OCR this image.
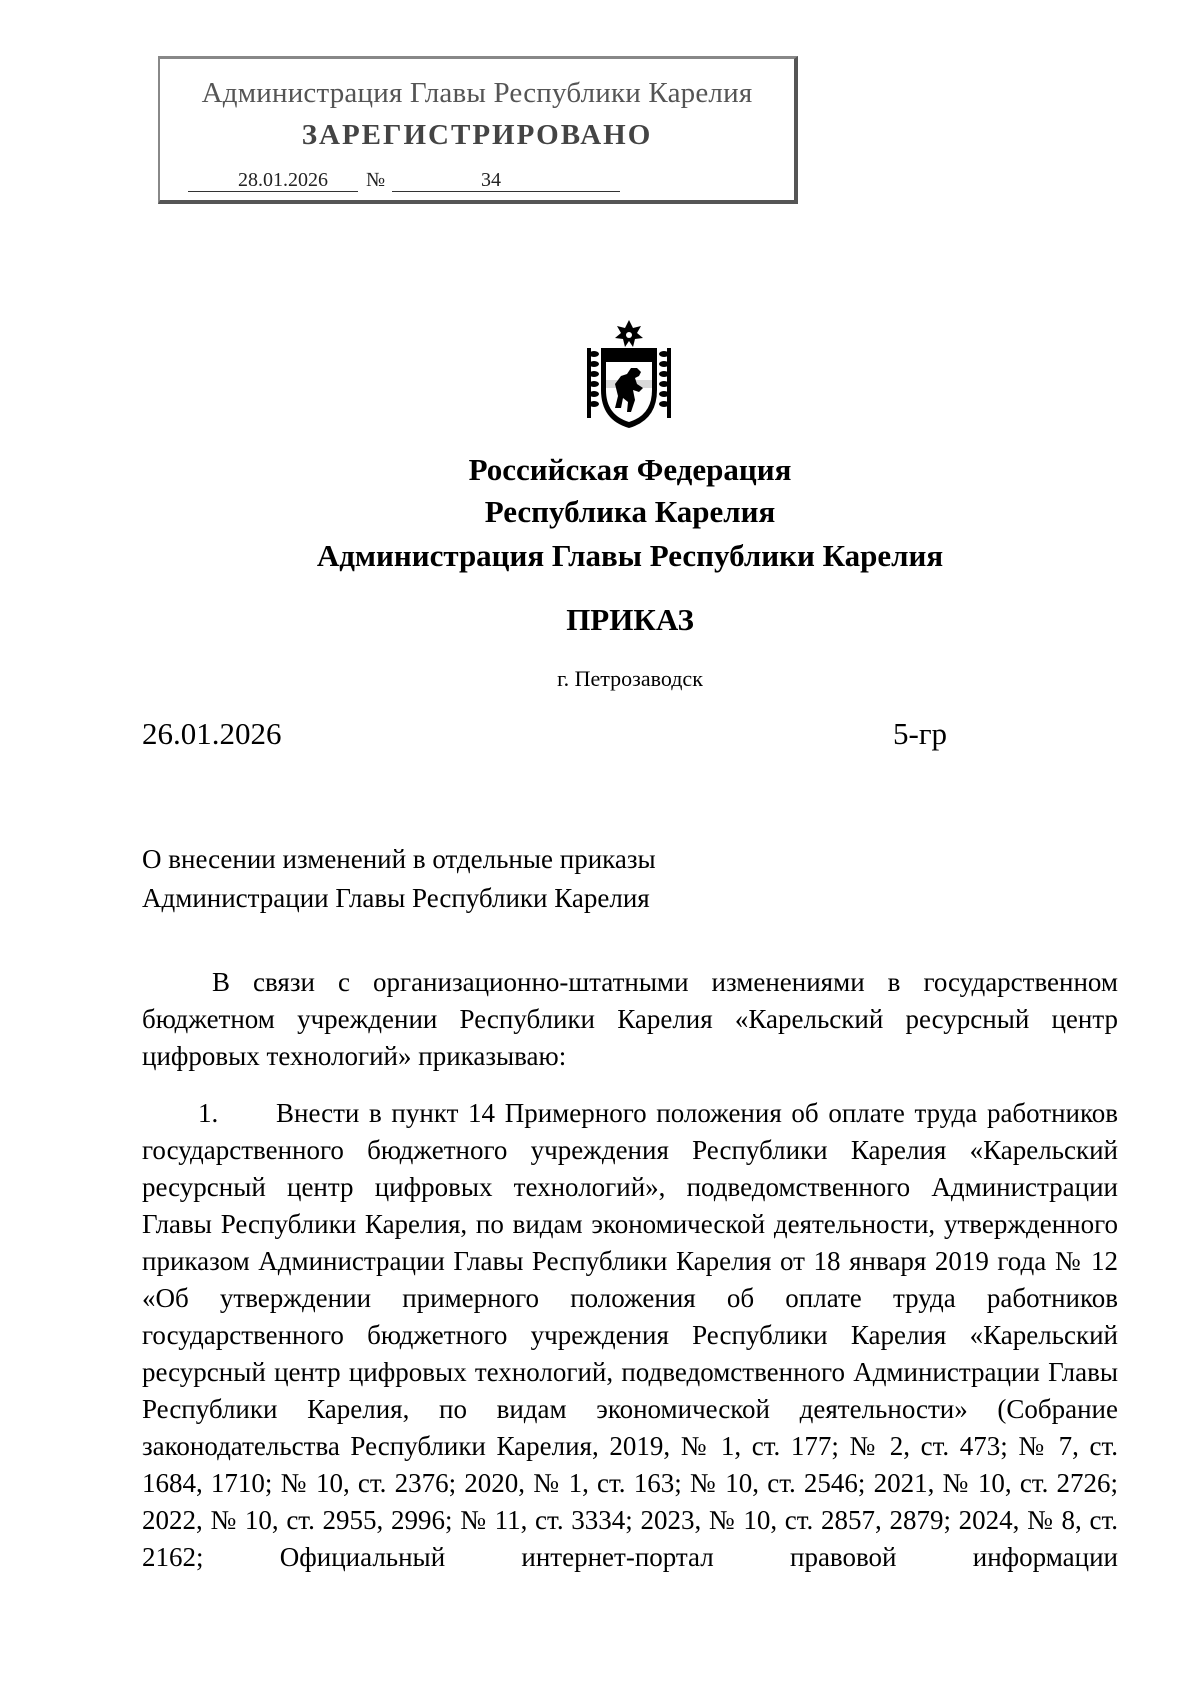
Администрация Главы Республики Карелия
ЗАРЕГИСТРИРОВАНО
28.01.2026	№	34
Российская Федерация
Республика Карелия
Администрация Главы Республики Карелия
ПРИКАЗ
г. Петрозаводск
26.01.2026	5-гр
О внесении изменений в отдельные приказы
Администрации Главы Республики Карелия
В связи с организационно-штатными изменениями в государственном бюджетном учреждении Республики Карелия «Карельский ресурсный центр цифровых технологий» приказываю:
1. Внести в пункт 14 Примерного положения об оплате труда работников государственного бюджетного учреждения Республики Карелия «Карельский ресурсный центр цифровых технологий», подведомственного Администрации Главы Республики Карелия, по видам экономической деятельности, утвержденного приказом Администрации Главы Республики Карелия от 18 января 2019 года № 12 «Об утверждении примерного положения об оплате труда работников государственного бюджетного учреждения Республики Карелия «Карельский ресурсный центр цифровых технологий, подведомственного Администрации Главы Республики Карелия, по видам экономической деятельности» (Собрание законодательства Республики Карелия, 2019, № 1, ст. 177; № 2, ст. 473; № 7, ст. 1684, 1710; № 10, ст. 2376; 2020, № 1, ст. 163; № 10, ст. 2546; 2021, № 10, ст. 2726; 2022, № 10, ст. 2955, 2996; № 11, ст. 3334; 2023, № 10, ст. 2857, 2879; 2024, № 8, ст. 2162; Официальный интернет-портал правовой информации
